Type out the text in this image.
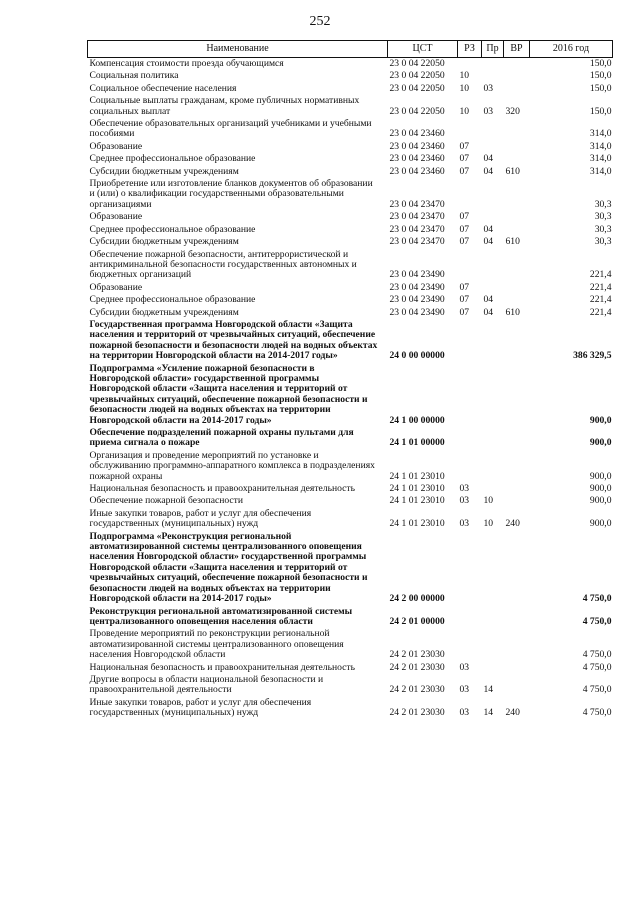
252
Наименование	ЦСТ	РЗ	Пр	ВР	2016 год
Компенсация стоимости проезда обучающимся	23 0 04 22050				150,0
Социальная политика	23 0 04 22050	10			150,0
Социальное обеспечение населения	23 0 04 22050	10	03		150,0
Социальные выплаты гражданам, кроме публичных нормативных социальных выплат	23 0 04 22050	10	03	320	150,0
Обеспечение образовательных организаций учебниками и учебными пособиями	23 0 04 23460				314,0
Образование	23 0 04 23460	07			314,0
Среднее профессиональное образование	23 0 04 23460	07	04		314,0
Субсидии бюджетным учреждениям	23 0 04 23460	07	04	610	314,0
Приобретение или изготовление бланков документов об образовании и (или) о квалификации государственными образовательными организациями	23 0 04 23470				30,3
Образование	23 0 04 23470	07			30,3
Среднее профессиональное образование	23 0 04 23470	07	04		30,3
Субсидии бюджетным учреждениям	23 0 04 23470	07	04	610	30,3
Обеспечение пожарной безопасности, антитеррористической и антикриминальной безопасности государственных автономных и бюджетных организаций	23 0 04 23490				221,4
Образование	23 0 04 23490	07			221,4
Среднее профессиональное образование	23 0 04 23490	07	04		221,4
Субсидии бюджетным учреждениям	23 0 04 23490	07	04	610	221,4
Государственная программа Новгородской области «Защита населения и территорий от чрезвычайных ситуаций, обеспечение пожарной безопасности и безопасности людей на водных объектах на территории Новгородской области на 2014-2017 годы»	24 0 00 00000				386 329,5
Подпрограмма «Усиление пожарной безопасности в Новгородской области» государственной программы Новгородской области «Защита населения и территорий от чрезвычайных ситуаций, обеспечение пожарной безопасности и безопасности людей на водных объектах на территории Новгородской области на 2014-2017 годы»	24 1 00 00000				900,0
Обеспечение подразделений пожарной охраны пультами для приема сигнала о пожаре	24 1 01 00000				900,0
Организация и проведение мероприятий по установке и обслуживанию программно-аппаратного комплекса в подразделениях пожарной охраны	24 1 01 23010				900,0
Национальная безопасность и правоохранительная деятельность	24 1 01 23010	03			900,0
Обеспечение пожарной безопасности	24 1 01 23010	03	10		900,0
Иные закупки товаров, работ и услуг для обеспечения государственных (муниципальных) нужд	24 1 01 23010	03	10	240	900,0
Подпрограмма «Реконструкция региональной автоматизированной системы централизованного оповещения населения Новгородской области» государственной программы Новгородской области «Защита населения и территорий от чрезвычайных ситуаций, обеспечение пожарной безопасности и безопасности людей на водных объектах на территории Новгородской области на 2014-2017 годы»	24 2 00 00000				4 750,0
Реконструкция региональной автоматизированной системы централизованного оповещения населения области	24 2 01 00000				4 750,0
Проведение мероприятий по реконструкции региональной автоматизированной системы централизованного оповещения населения Новгородской области	24 2 01 23030				4 750,0
Национальная безопасность и правоохранительная деятельность	24 2 01 23030	03			4 750,0
Другие вопросы в области национальной безопасности и правоохранительной деятельности	24 2 01 23030	03	14		4 750,0
Иные закупки товаров, работ и услуг для обеспечения государственных (муниципальных) нужд	24 2 01 23030	03	14	240	4 750,0
